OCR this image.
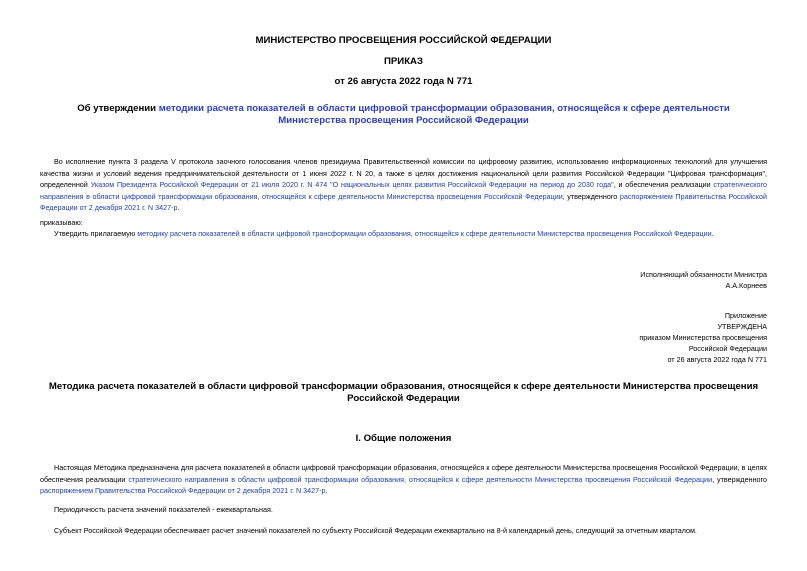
МИНИСТЕРСТВО ПРОСВЕЩЕНИЯ РОССИЙСКОЙ ФЕДЕРАЦИИ
ПРИКАЗ
от 26 августа 2022 года N 771
Об утверждении методики расчета показателей в области цифровой трансформации образования, относящейся к сфере деятельности Министерства просвещения Российской Федерации
Во исполнение пункта 3 раздела V протокола заочного голосования членов президиума Правительственной комиссии по цифровому развитию, использованию информационных технологий для улучшения качества жизни и условий ведения предпринимательской деятельности от 1 июня 2022 г. N 20, а также в целях достижения национальной цели развития Российской Федерации "Цифровая трансформация", определенной Указом Президента Российской Федерации от 21 июля 2020 г. N 474 "О национальных целях развития Российской Федерации на период до 2030 года", и обеспечения реализации стратегического направления в области цифровой трансформации образования, относящейся к сфере деятельности Министерства просвещения Российской Федерации, утвержденного распоряжением Правительства Российской Федерации от 2 декабря 2021 г. N 3427-р.
приказываю:
Утвердить прилагаемую методику расчета показателей в области цифровой трансформации образования, относящейся к сфере деятельности Министерства просвещения Российской Федерации.
Исполняющий обязанности Министра
А.А.Корнеев
Приложение
УТВЕРЖДЕНА
приказом Министерства просвещения
Российской Федерации
от 26 августа 2022 года N 771
Методика расчета показателей в области цифровой трансформации образования, относящейся к сфере деятельности Министерства просвещения Российской Федерации
I. Общие положения
Настоящая Методика предназначена для расчета показателей в области цифровой трансформации образования, относящейся к сфере деятельности Министерства просвещения Российской Федерации, в целях обеспечения реализации стратегического направления в области цифровой трансформации образования, относящейся к сфере деятельности Министерства просвещения Российской Федерации, утвержденного распоряжением Правительства Российской Федерации от 2 декабря 2021 г. N 3427-р.
Периодичность расчета значений показателей - ежеквартальная.
Субъект Российской Федерации обеспечивает расчет значений показателей по субъекту Российской Федерации ежеквартально на 8-й календарный день, следующий за отчетным кварталом.
